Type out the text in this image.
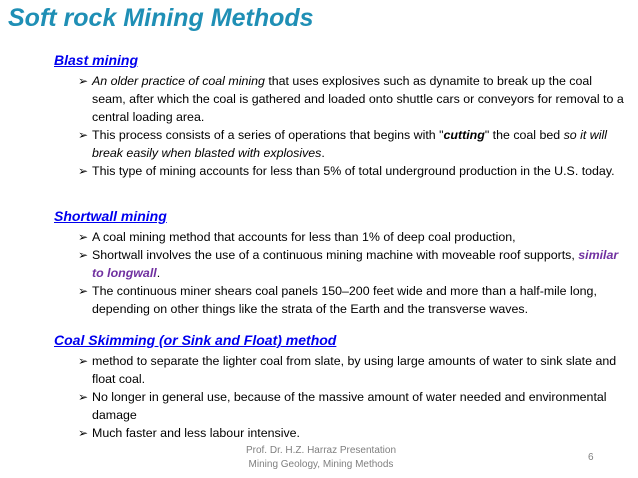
Soft rock Mining Methods
Blast mining
➢ An older practice of coal mining that uses explosives such as dynamite to break up the coal seam, after which the coal is gathered and loaded onto shuttle cars or conveyors for removal to a central loading area.
➢ This process consists of a series of operations that begins with "cutting" the coal bed so it will break easily when blasted with explosives.
➢ This type of mining accounts for less than 5% of total underground production in the U.S. today.
Shortwall mining
➢ A coal mining method that accounts for less than 1% of deep coal production,
➢ Shortwall involves the use of a continuous mining machine with moveable roof supports, similar to longwall.
➢ The continuous miner shears coal panels 150–200 feet wide and more than a half-mile long, depending on other things like the strata of the Earth and the transverse waves.
Coal Skimming (or Sink and Float) method
➢ method to separate the lighter coal from slate, by using large amounts of water to sink slate and float coal.
➢ No longer in general use, because of the massive amount of water needed and environmental damage
➢ Much faster and less labour intensive.
Prof. Dr. H.Z. Harraz Presentation
Mining Geology, Mining Methods
6
